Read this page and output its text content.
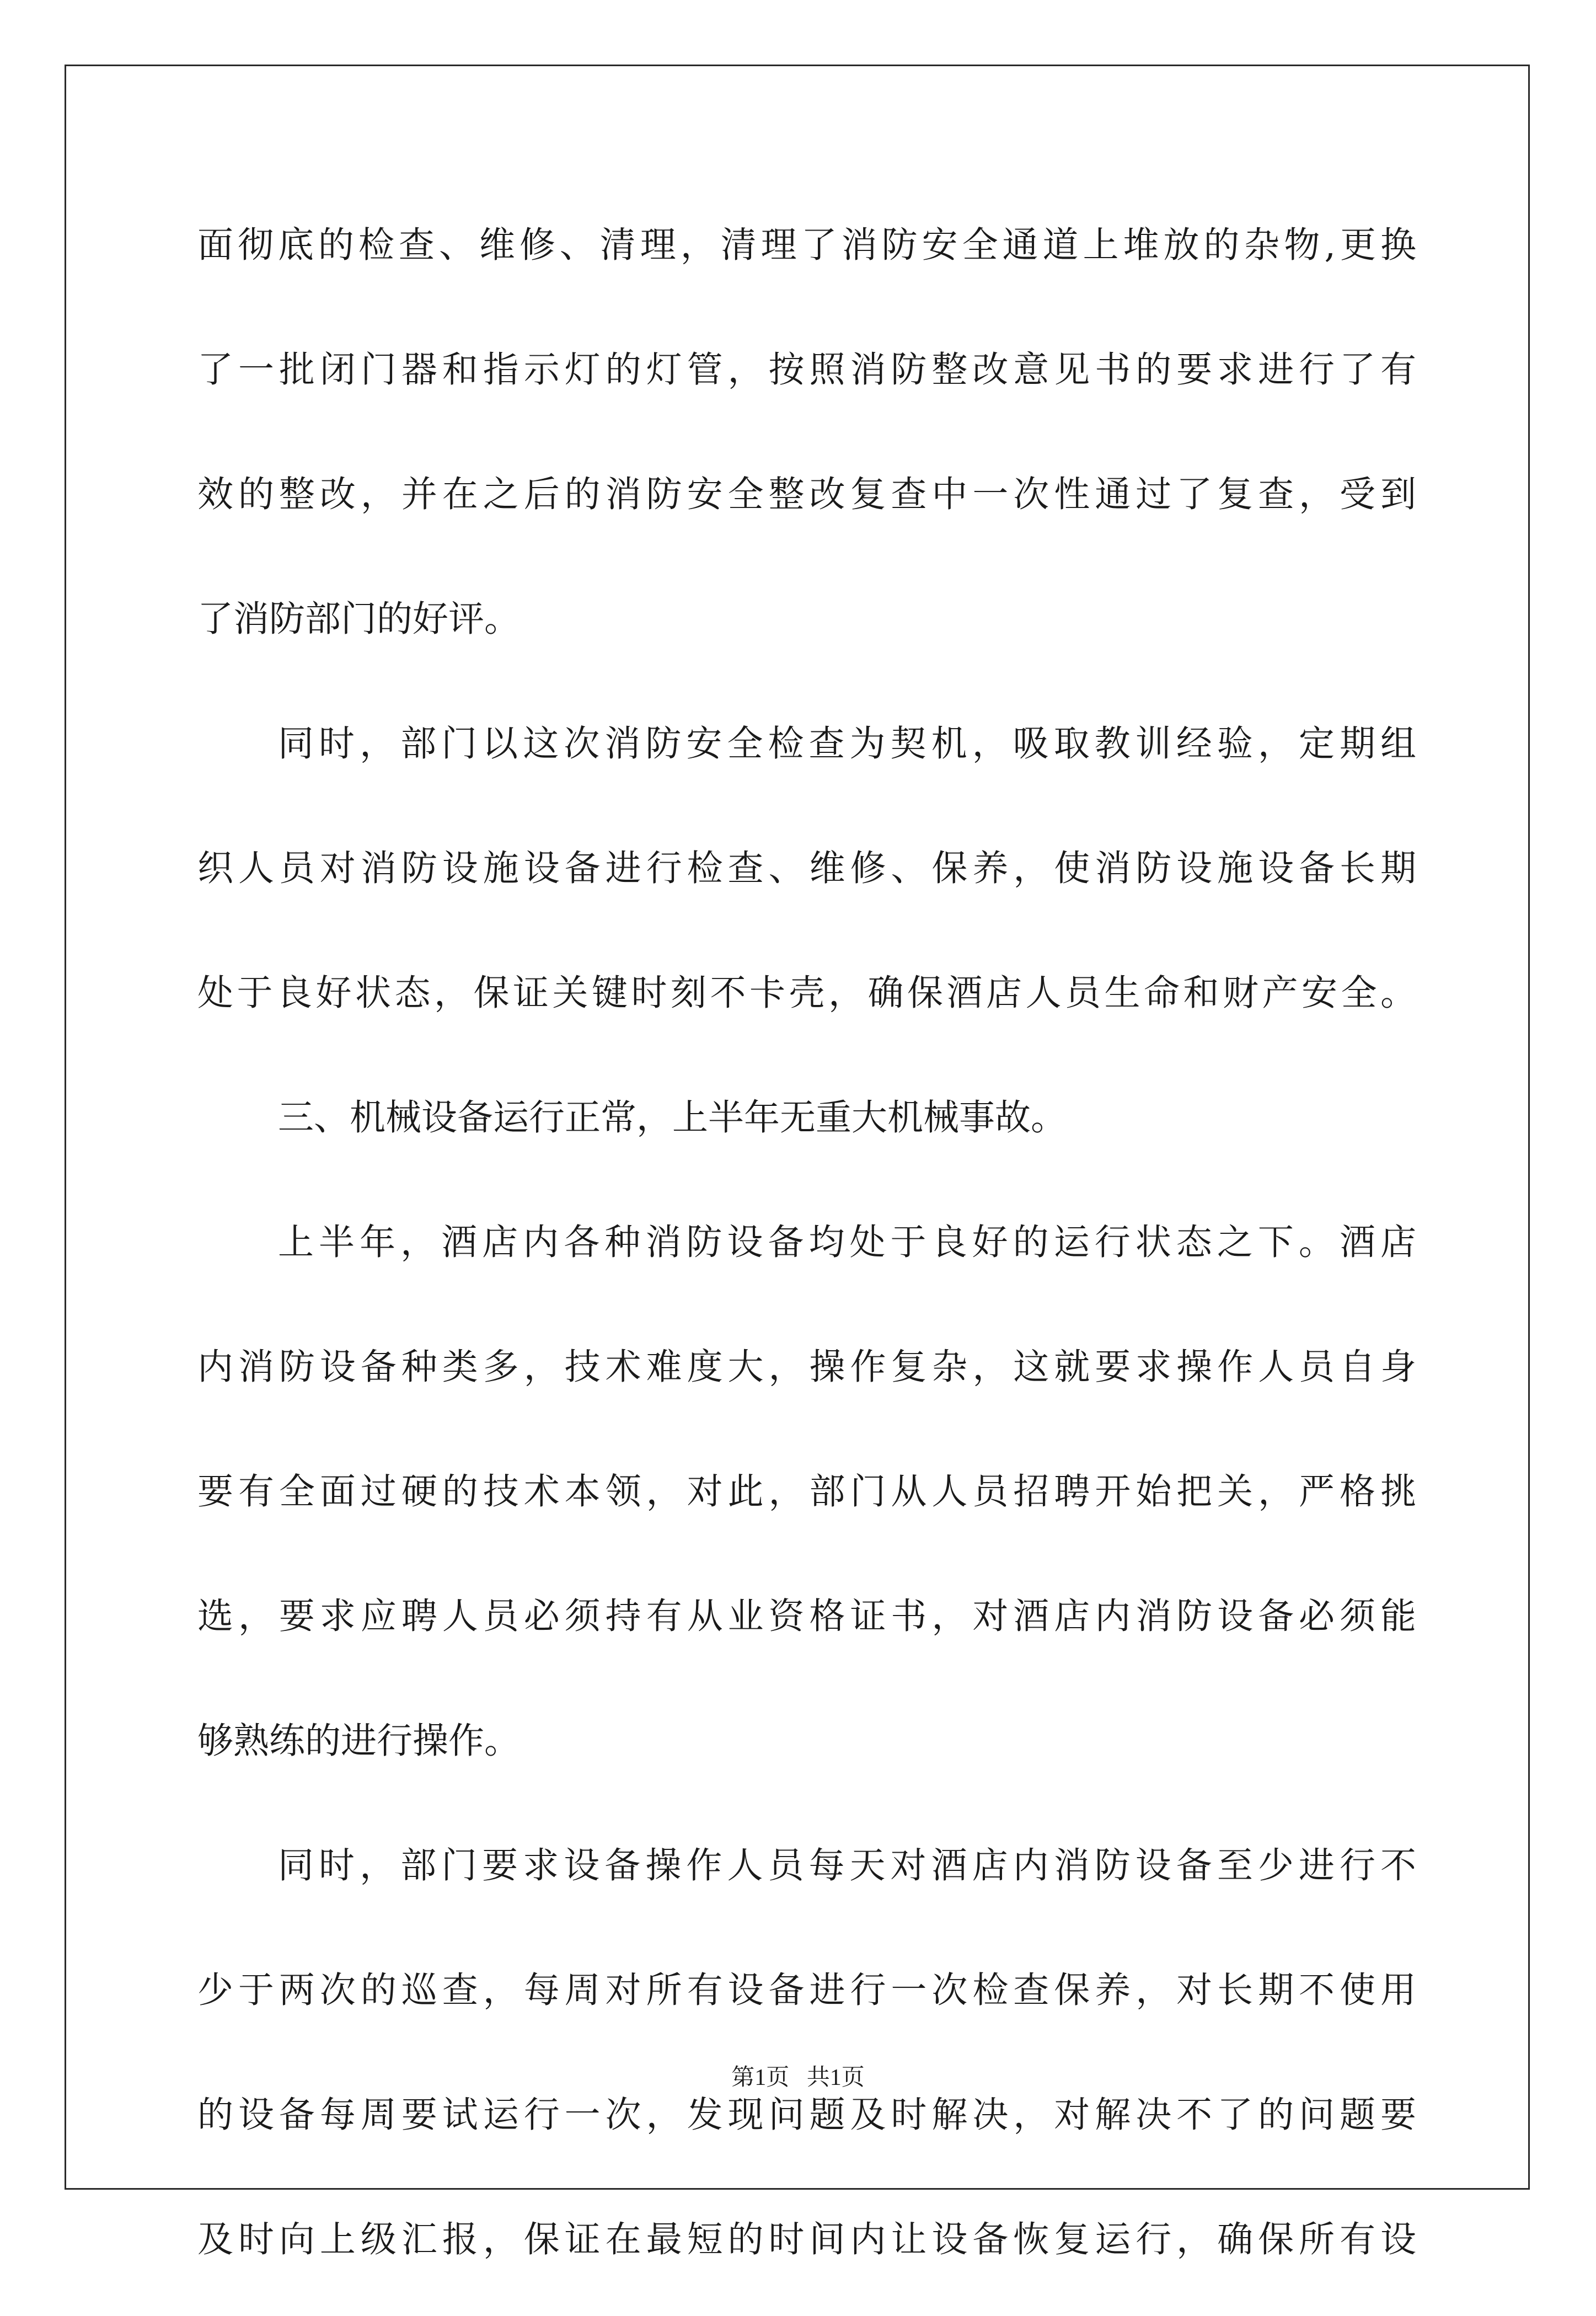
面彻底的检查、维修、清理，清理了消防安全通道上堆放的杂物,更换
了一批闭门器和指示灯的灯管，按照消防整改意见书的要求进行了有
效的整改，并在之后的消防安全整改复查中一次性通过了复查，受到
了消防部门的好评。
同时，部门以这次消防安全检查为契机，吸取教训经验，定期组
织人员对消防设施设备进行检查、维修、保养，使消防设施设备长期
处于良好状态，保证关键时刻不卡壳，确保酒店人员生命和财产安全。
三、机械设备运行正常，上半年无重大机械事故。
上半年，酒店内各种消防设备均处于良好的运行状态之下。酒店
内消防设备种类多，技术难度大，操作复杂，这就要求操作人员自身
要有全面过硬的技术本领，对此，部门从人员招聘开始把关，严格挑
选，要求应聘人员必须持有从业资格证书，对酒店内消防设备必须能
够熟练的进行操作。
同时，部门要求设备操作人员每天对酒店内消防设备至少进行不
少于两次的巡查，每周对所有设备进行一次检查保养，对长期不使用
的设备每周要试运行一次，发现问题及时解决，对解决不了的问题要
及时向上级汇报，保证在最短的时间内让设备恢复运行，确保所有设
第1页   共1页
